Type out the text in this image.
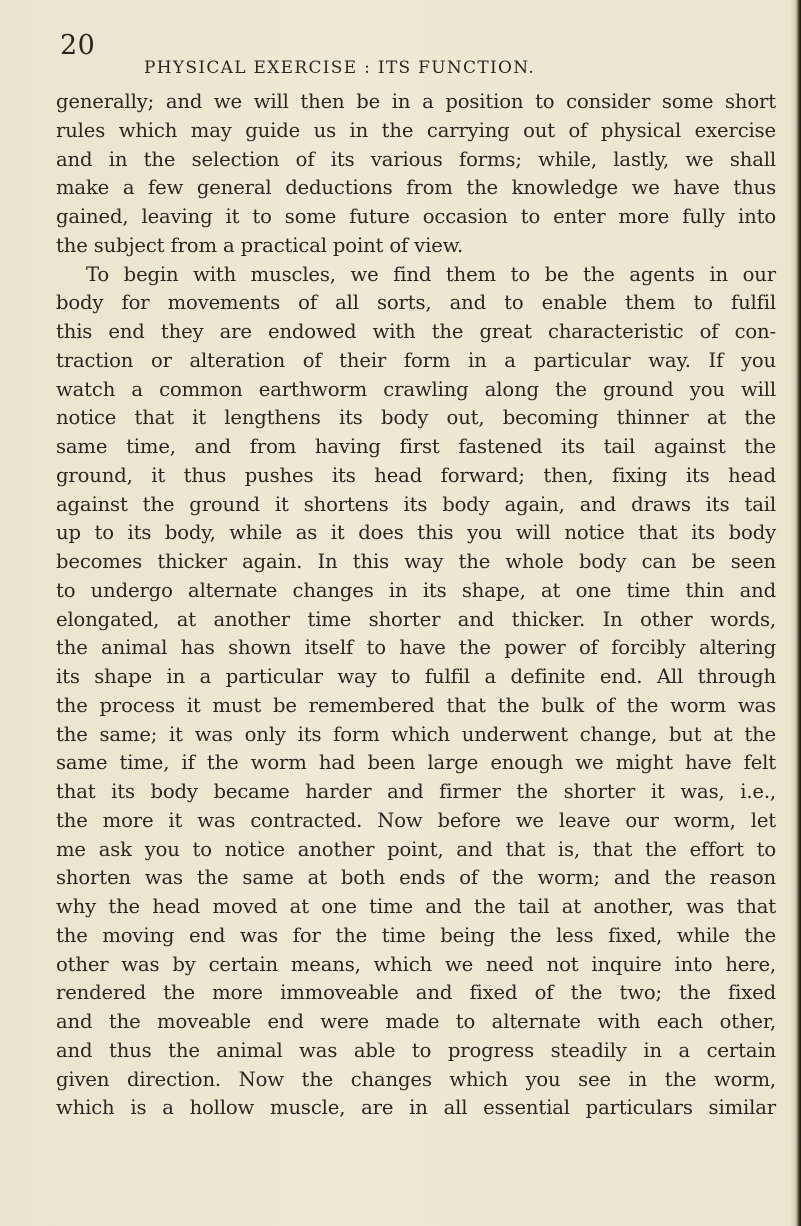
20
PHYSICAL EXERCISE : ITS FUNCTION.
generally; and we will then be in a position to consider some short
rules which may guide us in the carrying out of physical exercise
and in the selection of its various forms; while, lastly, we shall
make a few general deductions from the knowledge we have thus
gained, leaving it to some future occasion to enter more fully into
the subject from a practical point of view.
To begin with muscles, we find them to be the agents in our
body for movements of all sorts, and to enable them to fulfil
this end they are endowed with the great characteristic of con-
traction or alteration of their form in a particular way. If you
watch a common earthworm crawling along the ground you will
notice that it lengthens its body out, becoming thinner at the
same time, and from having first fastened its tail against the
ground, it thus pushes its head forward; then, fixing its head
against the ground it shortens its body again, and draws its tail
up to its body, while as it does this you will notice that its body
becomes thicker again. In this way the whole body can be seen
to undergo alternate changes in its shape, at one time thin and
elongated, at another time shorter and thicker. In other words,
the animal has shown itself to have the power of forcibly altering
its shape in a particular way to fulfil a definite end. All through
the process it must be remembered that the bulk of the worm was
the same; it was only its form which underwent change, but at the
same time, if the worm had been large enough we might have felt
that its body became harder and firmer the shorter it was, i.e.,
the more it was contracted. Now before we leave our worm, let
me ask you to notice another point, and that is, that the effort to
shorten was the same at both ends of the worm; and the reason
why the head moved at one time and the tail at another, was that
the moving end was for the time being the less fixed, while the
other was by certain means, which we need not inquire into here,
rendered the more immoveable and fixed of the two; the fixed
and the moveable end were made to alternate with each other,
and thus the animal was able to progress steadily in a certain
given direction. Now the changes which you see in the worm,
which is a hollow muscle, are in all essential particulars similar
